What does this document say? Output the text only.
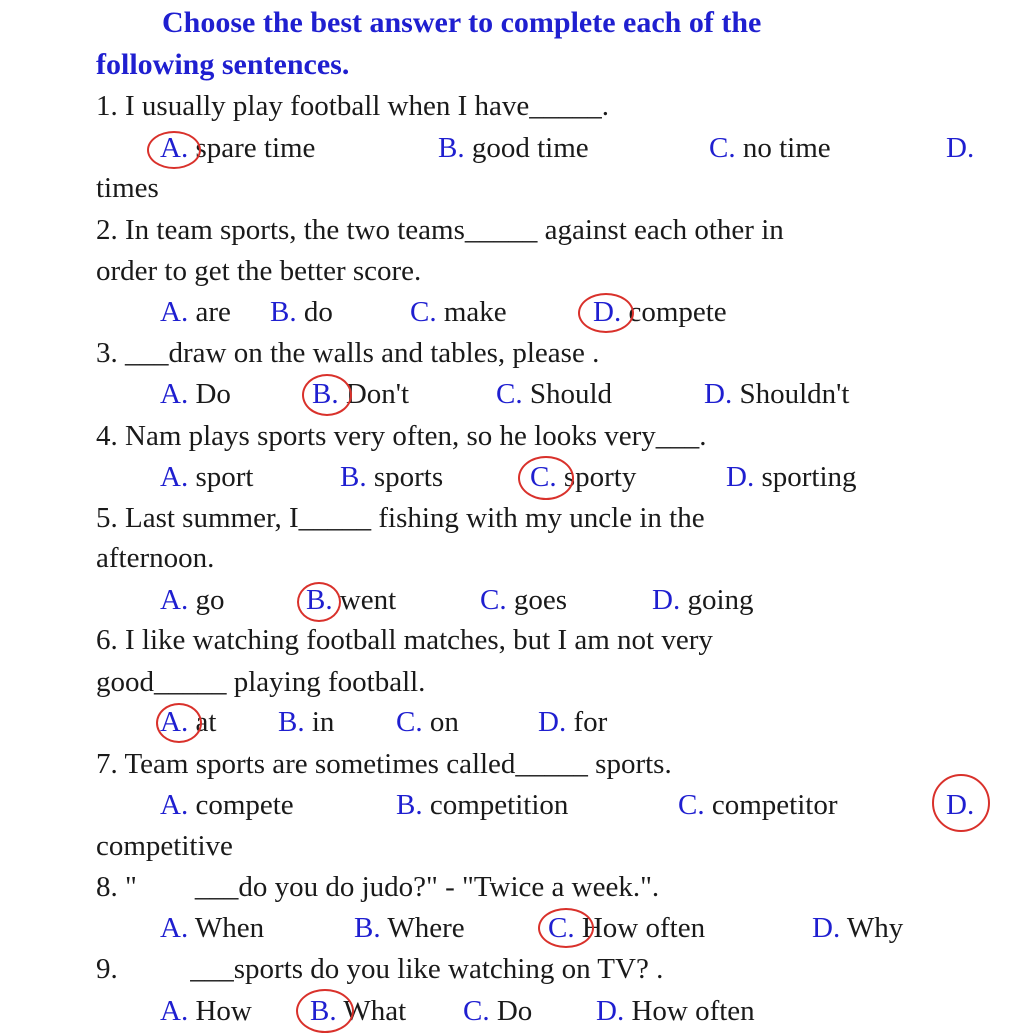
Choose the best answer to complete each of the
following sentences.
1. I usually play football when I have_____.
A. spare time	B. good time	C. no time	D.
times
2. In team sports, the two teams_____ against each other in
order to get the better score.
A. are B. do	C. make	D. compete
3. ___draw on the walls and tables, please .
A. Do	B. Don't	C. Should	D. Shouldn't
4. Nam plays sports very often, so he looks very___.
A. sport	B. sports	C. sporty	D. sporting
5. Last summer, I_____ fishing with my uncle in the
afternoon.
A. go	B. went	C. goes	D. going
6. I like watching football matches, but I am not very
good_____ playing football.
A. at B. in C. on	D. for
7. Team sports are sometimes called_____ sports.
A. compete	B. competition	C. competitor	D.
competitive
8. "        ___do you do judo?" - "Twice a week.".
A. When	B. Where	C. How often	D. Why
9.          ___sports do you like watching on TV? .
A. How B. What C. Do D. How often
